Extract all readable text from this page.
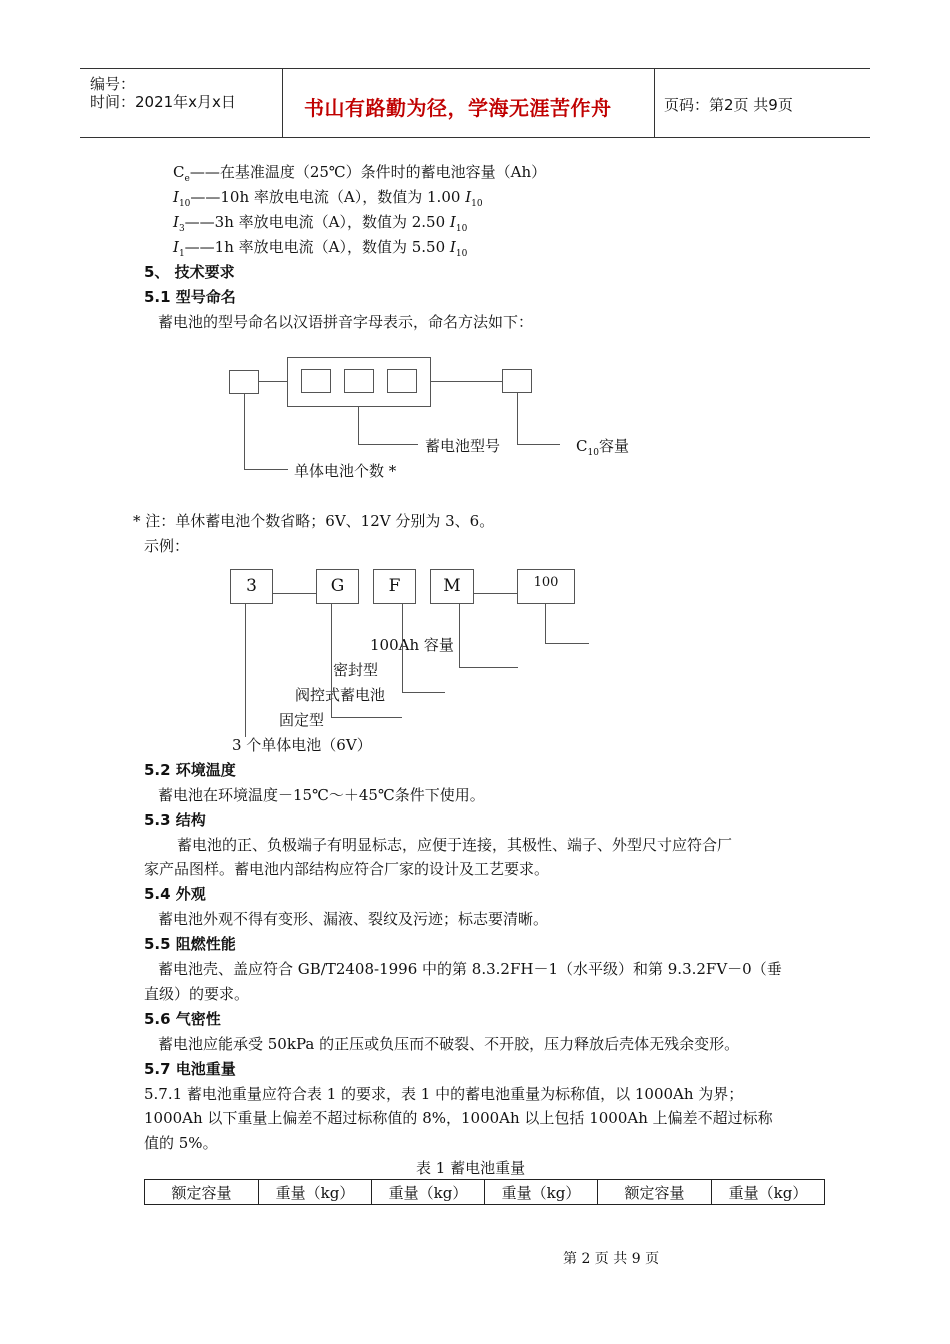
编号：
时间：2021年x月x日	书山有路勤为径，学海无涯苦作舟	页码：第2页 共9页
$C_e——$在基准温度（25℃）条件时的蓄电池容量（Ah）
$I_{10}——10h$ 率放电电流（A），数值为 1.00 $I_{10}$
$I_3——3h$ 率放电电流（A），数值为 2.50 $I_{10}$
$I_1——1h$ 率放电电流（A），数值为 5.50 $I_{10}$
5、 技术要求
5.1 型号命名
蓄电池的型号命名以汉语拼音字母表示，命名方法如下：
蓄电池型号	$C_{10}$容量
单体电池个数 *
* 注：单休蓄电池个数省略；6V、12V 分别为 3、6。
示例：
3	G	F	M	100
100Ah 容量
密封型
阀控式蓄电池
固定型
3 个单体电池（6V）
5.2 环境温度
蓄电池在环境温度－15℃～＋45℃条件下使用。
5.3 结构
蓄电池的正、负极端子有明显标志，应便于连接，其极性、端子、外型尺寸应符合厂
家产品图样。蓄电池内部结构应符合厂家的设计及工艺要求。
5.4 外观
蓄电池外观不得有变形、漏液、裂纹及污迹；标志要清晰。
5.5 阻燃性能
蓄电池壳、盖应符合 GB/T2408-1996 中的第 8.3.2FH－1（水平级）和第 9.3.2FV－0（垂
直级）的要求。
5.6 气密性
蓄电池应能承受 50kPa 的正压或负压而不破裂、不开胶，压力释放后壳体无残余变形。
5.7 电池重量
5.7.1 蓄电池重量应符合表 1 的要求，表 1 中的蓄电池重量为标称值，以 1000Ah 为界；
1000Ah 以下重量上偏差不超过标称值的 8%，1000Ah 以上包括 1000Ah 上偏差不超过标称
值的 5%。
表 1 蓄电池重量
额定容量	重量（kg）	重量（kg）	重量（kg）	额定容量	重量（kg）
第 2 页 共 9 页
